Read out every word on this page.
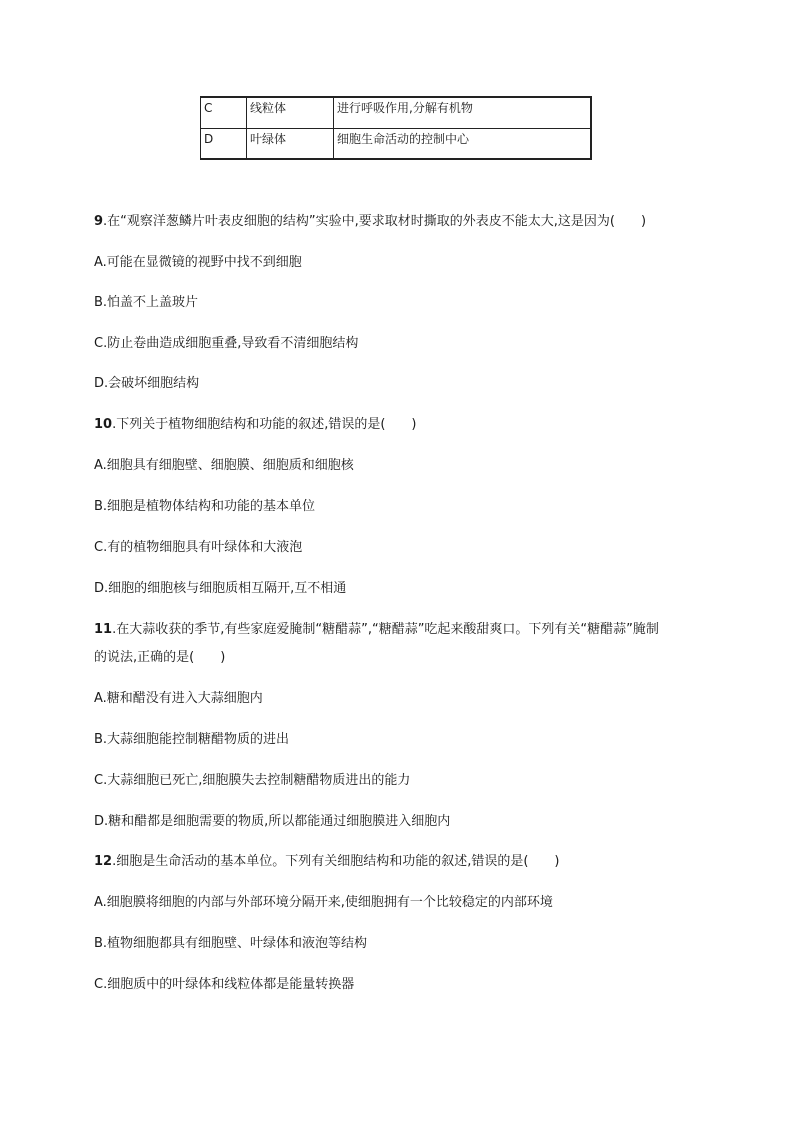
C	线粒体	进行呼吸作用,分解有机物
D	叶绿体	细胞生命活动的控制中心
9.在“观察洋葱鳞片叶表皮细胞的结构”实验中,要求取材时撕取的外表皮不能太大,这是因为(　　)
A.可能在显微镜的视野中找不到细胞
B.怕盖不上盖玻片
C.防止卷曲造成细胞重叠,导致看不清细胞结构
D.会破坏细胞结构
10.下列关于植物细胞结构和功能的叙述,错误的是(　　)
A.细胞具有细胞壁、细胞膜、细胞质和细胞核
B.细胞是植物体结构和功能的基本单位
C.有的植物细胞具有叶绿体和大液泡
D.细胞的细胞核与细胞质相互隔开,互不相通
11.在大蒜收获的季节,有些家庭爱腌制“糖醋蒜”,“糖醋蒜”吃起来酸甜爽口。下列有关“糖醋蒜”腌制
的说法,正确的是(　　)
A.糖和醋没有进入大蒜细胞内
B.大蒜细胞能控制糖醋物质的进出
C.大蒜细胞已死亡,细胞膜失去控制糖醋物质进出的能力
D.糖和醋都是细胞需要的物质,所以都能通过细胞膜进入细胞内
12.细胞是生命活动的基本单位。下列有关细胞结构和功能的叙述,错误的是(　　)
A.细胞膜将细胞的内部与外部环境分隔开来,使细胞拥有一个比较稳定的内部环境
B.植物细胞都具有细胞壁、叶绿体和液泡等结构
C.细胞质中的叶绿体和线粒体都是能量转换器
